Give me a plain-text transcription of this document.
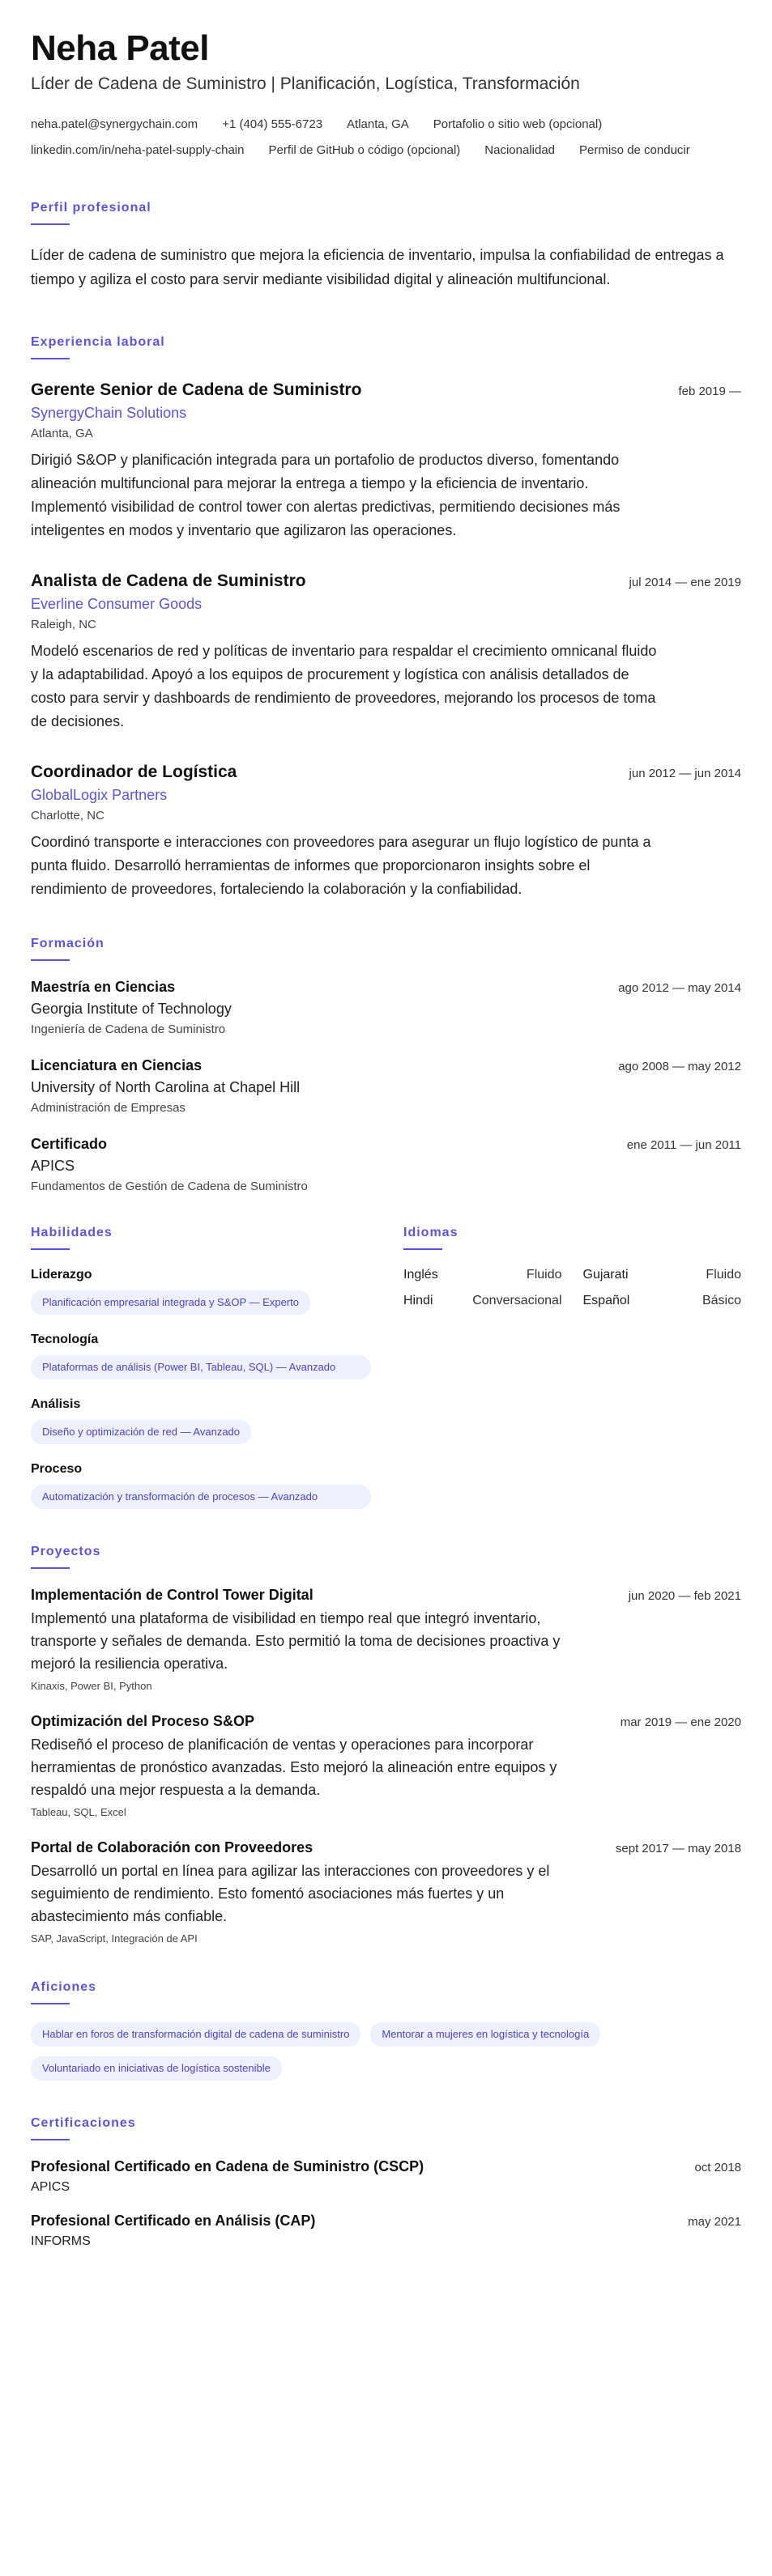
Neha Patel
Líder de Cadena de Suministro | Planificación, Logística, Transformación
neha.patel@synergychain.com +1 (404) 555-6723 Atlanta, GA Portafolio o sitio web (opcional)
linkedin.com/in/neha-patel-supply-chain Perfil de GitHub o código (opcional) Nacionalidad Permiso de conducir
Perfil profesional
Líder de cadena de suministro que mejora la eficiencia de inventario, impulsa la confiabilidad de entregas a tiempo y agiliza el costo para servir mediante visibilidad digital y alineación multifuncional.
Experiencia laboral
Gerente Senior de Cadena de Suministro	feb 2019 —
SynergyChain Solutions
Atlanta, GA
Dirigió S&OP y planificación integrada para un portafolio de productos diverso, fomentando alineación multifuncional para mejorar la entrega a tiempo y la eficiencia de inventario. Implementó visibilidad de control tower con alertas predictivas, permitiendo decisiones más inteligentes en modos y inventario que agilizaron las operaciones.
Analista de Cadena de Suministro	jul 2014 — ene 2019
Everline Consumer Goods
Raleigh, NC
Modeló escenarios de red y políticas de inventario para respaldar el crecimiento omnicanal fluido y la adaptabilidad. Apoyó a los equipos de procurement y logística con análisis detallados de costo para servir y dashboards de rendimiento de proveedores, mejorando los procesos de toma de decisiones.
Coordinador de Logística	jun 2012 — jun 2014
GlobalLogix Partners
Charlotte, NC
Coordinó transporte e interacciones con proveedores para asegurar un flujo logístico de punta a punta fluido. Desarrolló herramientas de informes que proporcionaron insights sobre el rendimiento de proveedores, fortaleciendo la colaboración y la confiabilidad.
Formación
Maestría en Ciencias	ago 2012 — may 2014
Georgia Institute of Technology
Ingeniería de Cadena de Suministro
Licenciatura en Ciencias	ago 2008 — may 2012
University of North Carolina at Chapel Hill
Administración de Empresas
Certificado	ene 2011 — jun 2011
APICS
Fundamentos de Gestión de Cadena de Suministro
Habilidades
Liderazgo
Planificación empresarial integrada y S&OP — Experto
Tecnología
Plataformas de análisis (Power BI, Tableau, SQL) — Avanzado
Análisis
Diseño y optimización de red — Avanzado
Proceso
Automatización y transformación de procesos — Avanzado
Idiomas
Inglés	Fluido Gujarati	Fluido
Hindi	Conversacional Español	Básico
Proyectos
Implementación de Control Tower Digital	jun 2020 — feb 2021
Implementó una plataforma de visibilidad en tiempo real que integró inventario, transporte y señales de demanda. Esto permitió la toma de decisiones proactiva y mejoró la resiliencia operativa.
Kinaxis, Power BI, Python
Optimización del Proceso S&OP	mar 2019 — ene 2020
Rediseñó el proceso de planificación de ventas y operaciones para incorporar herramientas de pronóstico avanzadas. Esto mejoró la alineación entre equipos y respaldó una mejor respuesta a la demanda.
Tableau, SQL, Excel
Portal de Colaboración con Proveedores	sept 2017 — may 2018
Desarrolló un portal en línea para agilizar las interacciones con proveedores y el seguimiento de rendimiento. Esto fomentó asociaciones más fuertes y un abastecimiento más confiable.
SAP, JavaScript, Integración de API
Aficiones
Hablar en foros de transformación digital de cadena de suministro	Mentorar a mujeres en logística y tecnología
Voluntariado en iniciativas de logística sostenible
Certificaciones
Profesional Certificado en Cadena de Suministro (CSCP)	oct 2018
APICS
Profesional Certificado en Análisis (CAP)	may 2021
INFORMS
